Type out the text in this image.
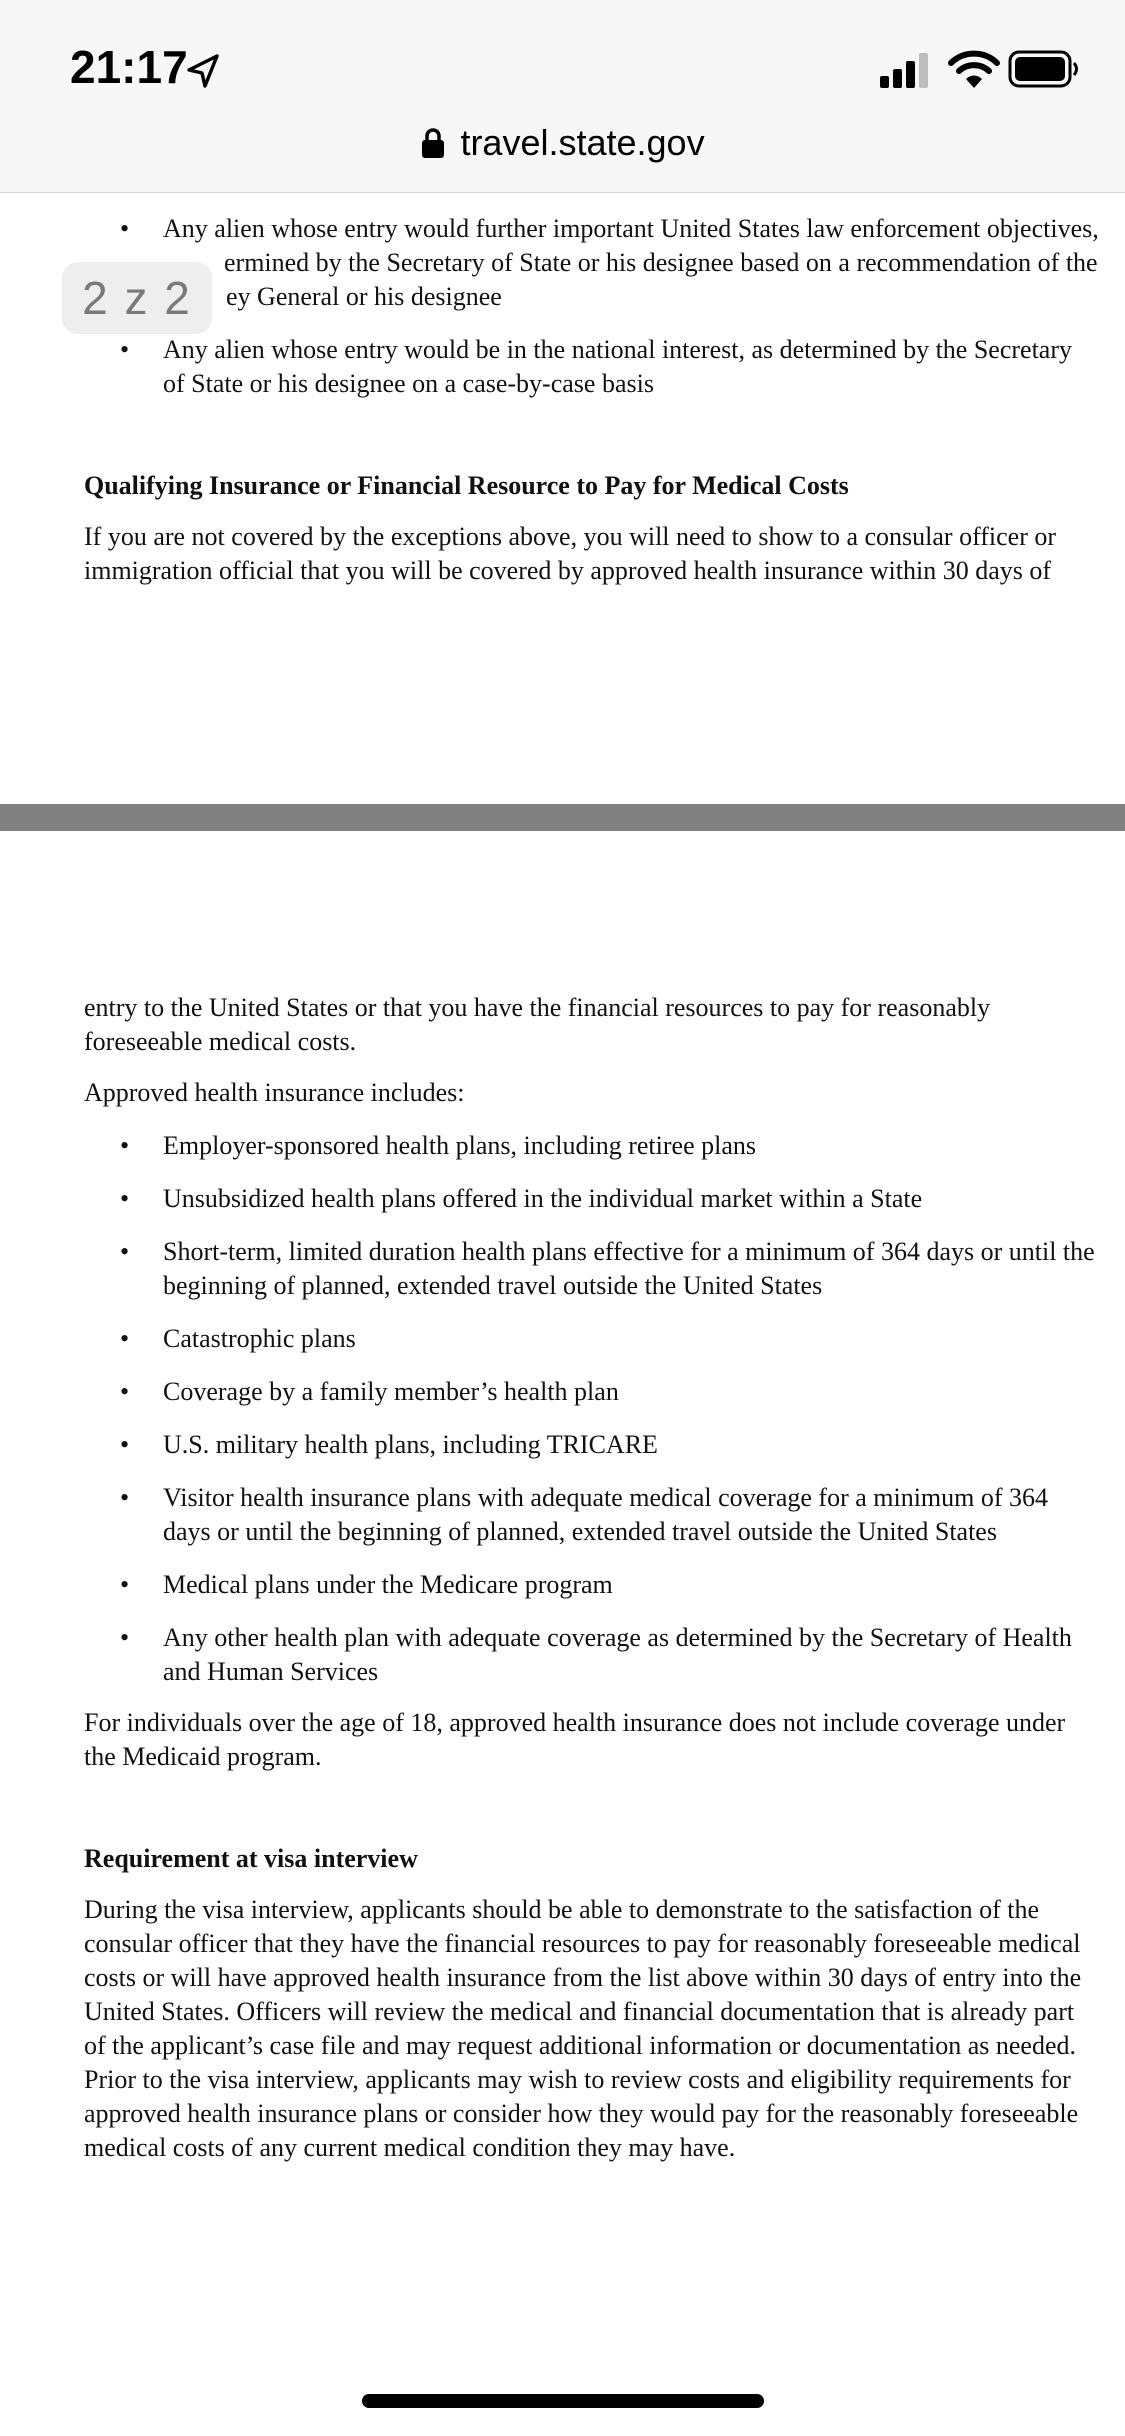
21:17
travel.state.gov
2 z 2
• Any alien whose entry would further important United States law enforcement objectives,

ermined by the Secretary of State or his designee based on a recommendation of the

ey General or his designee

• Any alien whose entry would be in the national interest, as determined by the Secretary

of State or his designee on a case-by-case basis

Qualifying Insurance or Financial Resource to Pay for Medical Costs

If you are not covered by the exceptions above, you will need to show to a consular officer or

immigration official that you will be covered by approved health insurance within 30 days of

entry to the United States or that you have the financial resources to pay for reasonably

foreseeable medical costs.

Approved health insurance includes:

• Employer-sponsored health plans, including retiree plans

• Unsubsidized health plans offered in the individual market within a State

• Short-term, limited duration health plans effective for a minimum of 364 days or until the

beginning of planned, extended travel outside the United States

• Catastrophic plans

• Coverage by a family member’s health plan

• U.S. military health plans, including TRICARE

• Visitor health insurance plans with adequate medical coverage for a minimum of 364

days or until the beginning of planned, extended travel outside the United States

• Medical plans under the Medicare program

• Any other health plan with adequate coverage as determined by the Secretary of Health

and Human Services

For individuals over the age of 18, approved health insurance does not include coverage under

the Medicaid program.

Requirement at visa interview

During the visa interview, applicants should be able to demonstrate to the satisfaction of the

consular officer that they have the financial resources to pay for reasonably foreseeable medical

costs or will have approved health insurance from the list above within 30 days of entry into the

United States. Officers will review the medical and financial documentation that is already part

of the applicant’s case file and may request additional information or documentation as needed.

Prior to the visa interview, applicants may wish to review costs and eligibility requirements for

approved health insurance plans or consider how they would pay for the reasonably foreseeable

medical costs of any current medical condition they may have.
